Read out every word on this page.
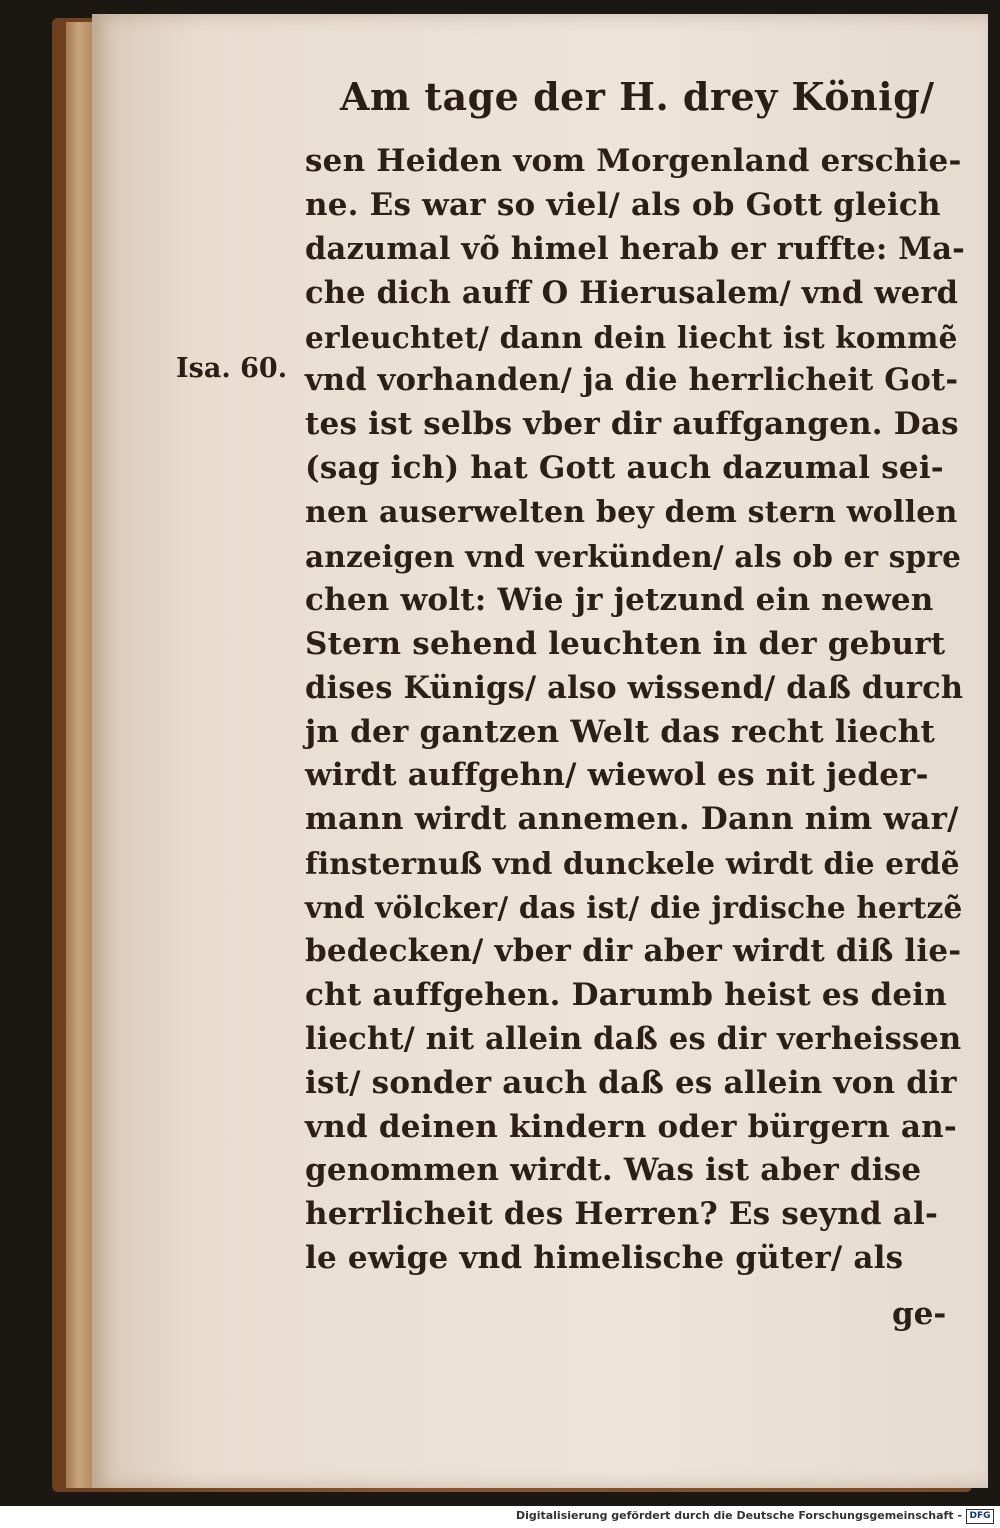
Am tage der H. drey König/
Isa. 60.
sen Heiden vom Morgenland erschie-
ne. Es war so viel/ als ob Gott gleich
dazumal võ himel herab er ruffte: Ma-
che dich auff O Hierusalem/ vnd werd
erleuchtet/ dann dein liecht ist kommẽ
vnd vorhanden/ ja die herrlicheit Got-
tes ist selbs vber dir auffgangen. Das
(sag ich) hat Gott auch dazumal sei-
nen auserwelten bey dem stern wollen
anzeigen vnd verkünden/ als ob er spre
chen wolt: Wie jr jetzund ein newen
Stern sehend leuchten in der geburt
dises Künigs/ also wissend/ daß durch
jn der gantzen Welt das recht liecht
wirdt auffgehn/ wiewol es nit jeder-
mann wirdt annemen. Dann nim war/
finsternuß vnd dunckele wirdt die erdẽ
vnd völcker/ das ist/ die jrdische hertzẽ
bedecken/ vber dir aber wirdt diß lie-
cht auffgehen. Darumb heist es dein
liecht/ nit allein daß es dir verheissen
ist/ sonder auch daß es allein von dir
vnd deinen kindern oder bürgern an-
genommen wirdt. Was ist aber dise
herrlicheit des Herren? Es seynd al-
le ewige vnd himelische güter/ als
ge-
Digitalisierung gefördert durch die Deutsche Forschungsgemeinschaft - DFG
